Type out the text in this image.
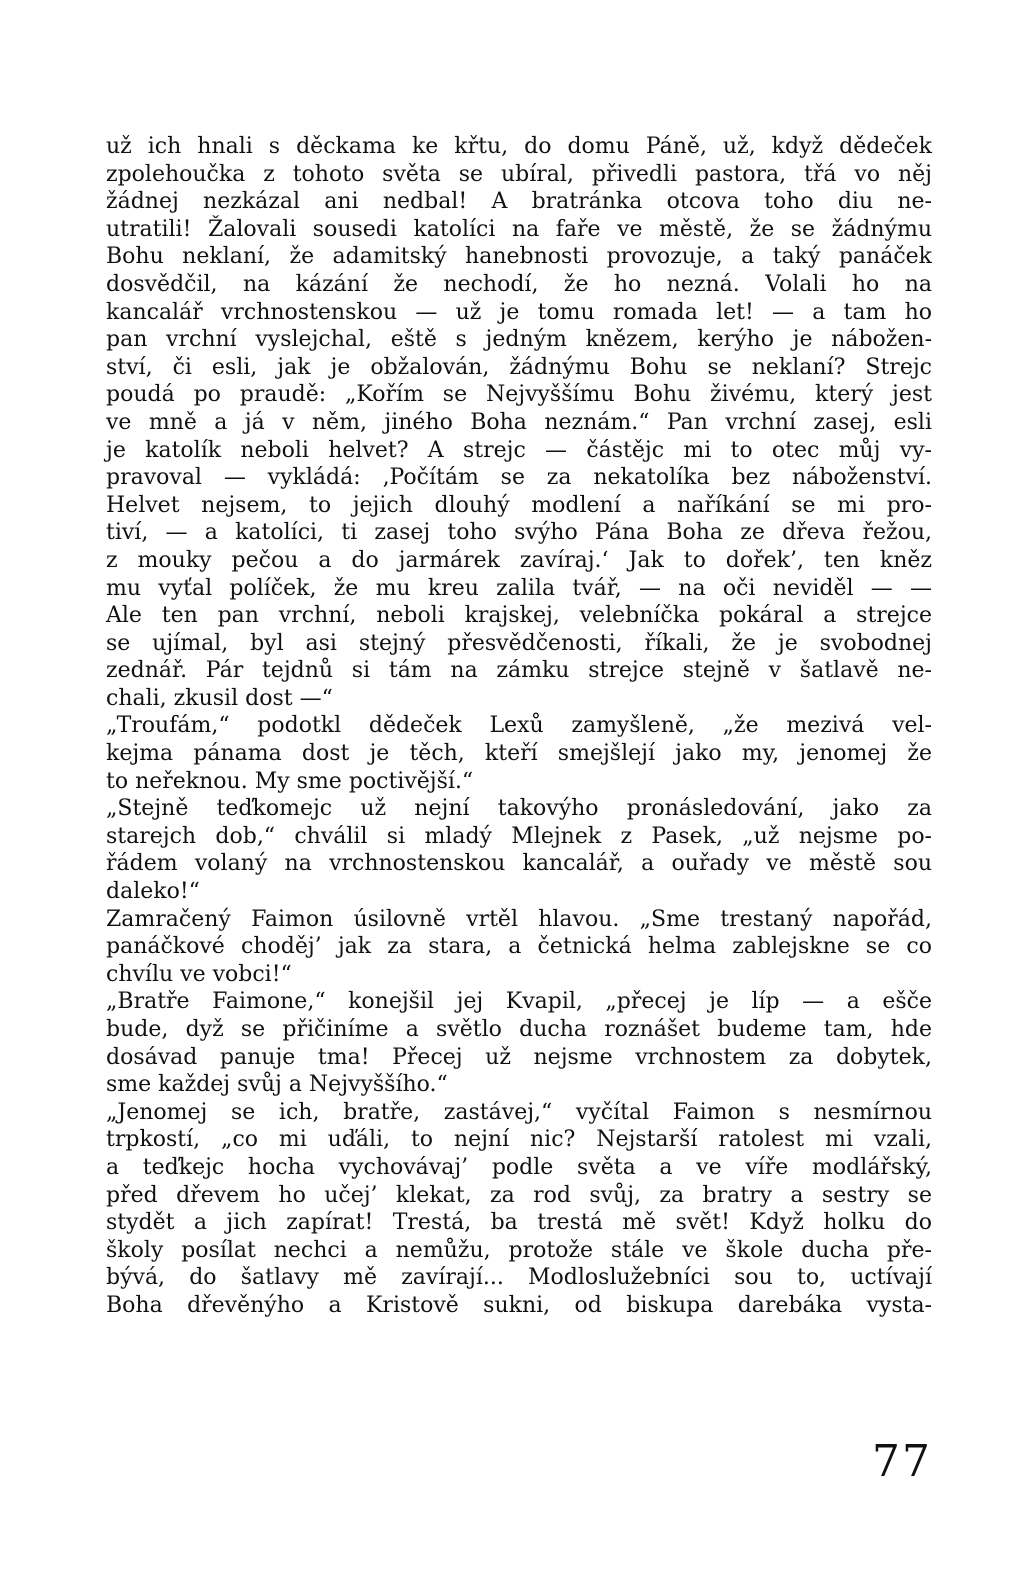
už ich hnali s děckama ke křtu, do domu Páně, už, když dědeček
zpolehoučka z tohoto světa se ubíral, přivedli pastora, třá vo něj
žádnej nezkázal ani nedbal! A bratránka otcova toho diu ne-
utratili! Žalovali sousedi katolíci na faře ve městě, že se žádnýmu
Bohu neklaní, že adamitský hanebnosti provozuje, a taký panáček
dosvědčil, na kázání že nechodí, že ho nezná. Volali ho na
kancalář vrchnostenskou — už je tomu romada let! — a tam ho
pan vrchní vyslejchal, eště s jedným knězem, kerýho je nábožen-
ství, či esli, jak je obžalován, žádnýmu Bohu se neklaní? Strejc
poudá po praudě: „Kořím se Nejvyššímu Bohu živému, který jest
ve mně a já v něm, jiného Boha neznám.“ Pan vrchní zasej, esli
je katolík neboli helvet? A strejc — částějc mi to otec můj vy-
pravoval — vykládá: ‚Počítám se za nekatolíka bez náboženství.
Helvet nejsem, to jejich dlouhý modlení a naříkání se mi pro-
tiví, — a katolíci, ti zasej toho svýho Pána Boha ze dřeva řežou,
z mouky pečou a do jarmárek zavíraj.‘ Jak to dořek’, ten kněz
mu vyťal políček, že mu kreu zalila tvář, — na oči neviděl — —
Ale ten pan vrchní, neboli krajskej, velebníčka pokáral a strejce
se ujímal, byl asi stejný přesvědčenosti, říkali, že je svobodnej
zednář. Pár tejdnů si tám na zámku strejce stejně v šatlavě ne-
chali, zkusil dost —“
„Troufám,“ podotkl dědeček Lexů zamyšleně, „že mezivá vel-
kejma pánama dost je těch, kteří smejšlejí jako my, jenomej že
to neřeknou. My sme poctivější.“
„Stejně teďkomejc už nejní takovýho pronásledování, jako za
starejch dob,“ chválil si mladý Mlejnek z Pasek, „už nejsme po-
řádem volaný na vrchnostenskou kancalář, a ouřady ve městě sou
daleko!“
Zamračený Faimon úsilovně vrtěl hlavou. „Sme trestaný napořád,
panáčkové choděj’ jak za stara, a četnická helma zablejskne se co
chvílu ve vobci!“
„Bratře Faimone,“ konejšil jej Kvapil, „přecej je líp — a ešče
bude, dyž se přičiníme a světlo ducha roznášet budeme tam, hde
dosávad panuje tma! Přecej už nejsme vrchnostem za dobytek,
sme každej svůj a Nejvyššího.“
„Jenomej se ich, bratře, zastávej,“ vyčítal Faimon s nesmírnou
trpkostí, „co mi uďáli, to nejní nic? Nejstarší ratolest mi vzali,
a teďkejc hocha vychovávaj’ podle světa a ve víře modlářský,
před dřevem ho učej’ klekat, za rod svůj, za bratry a sestry se
stydět a jich zapírat! Trestá, ba trestá mě svět! Když holku do
školy posílat nechci a nemůžu, protože stále ve škole ducha pře-
bývá, do šatlavy mě zavírají... Modloslužebníci sou to, uctívají
Boha dřevěnýho a Kristově sukni, od biskupa darebáka vysta-
77
